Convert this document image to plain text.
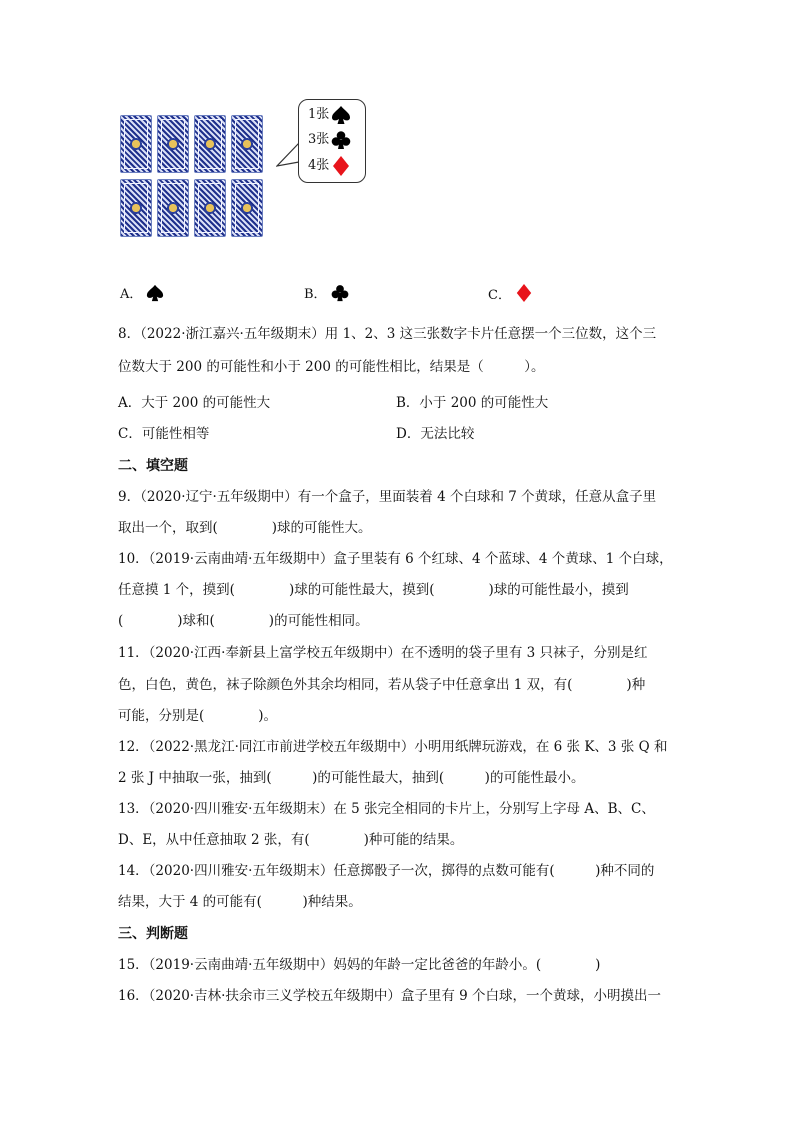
1张
3张
4张
A．	B．	C．
8．（2022·浙江嘉兴·五年级期末）用 1、2、3 这三张数字卡片任意摆一个三位数，这个三
位数大于 200 的可能性和小于 200 的可能性相比，结果是（　　　）。
A．大于 200 的可能性大	B．小于 200 的可能性大
C．可能性相等	D．无法比较
二、填空题
9．（2020·辽宁·五年级期中）有一个盒子，里面装着 4 个白球和 7 个黄球，任意从盒子里
取出一个，取到(　　　　)球的可能性大。
10．（2019·云南曲靖·五年级期中）盒子里装有 6 个红球、4 个蓝球、4 个黄球、1 个白球，
任意摸 1 个，摸到(　　　　)球的可能性最大，摸到(　　　　)球的可能性最小，摸到
(　　　　)球和(　　　　)的可能性相同。
11．（2020·江西·奉新县上富学校五年级期中）在不透明的袋子里有 3 只袜子，分别是红
色，白色，黄色，袜子除颜色外其余均相同，若从袋子中任意拿出 1 双，有(　　　　)种
可能，分别是(　　　　)。
12．（2022·黑龙江·同江市前进学校五年级期中）小明用纸牌玩游戏，在 6 张 K、3 张 Q 和
2 张 J 中抽取一张，抽到(　　　)的可能性最大，抽到(　　　)的可能性最小。
13．（2020·四川雅安·五年级期末）在 5 张完全相同的卡片上，分别写上字母 A、B、C、
D、E，从中任意抽取 2 张，有(　　　　)种可能的结果。
14．（2020·四川雅安·五年级期末）任意掷骰子一次，掷得的点数可能有(　　　)种不同的
结果，大于 4 的可能有(　　　)种结果。
三、判断题
15．（2019·云南曲靖·五年级期中）妈妈的年龄一定比爸爸的年龄小。(　　　　)
16．（2020·吉林·扶余市三义学校五年级期中）盒子里有 9 个白球，一个黄球，小明摸出一
